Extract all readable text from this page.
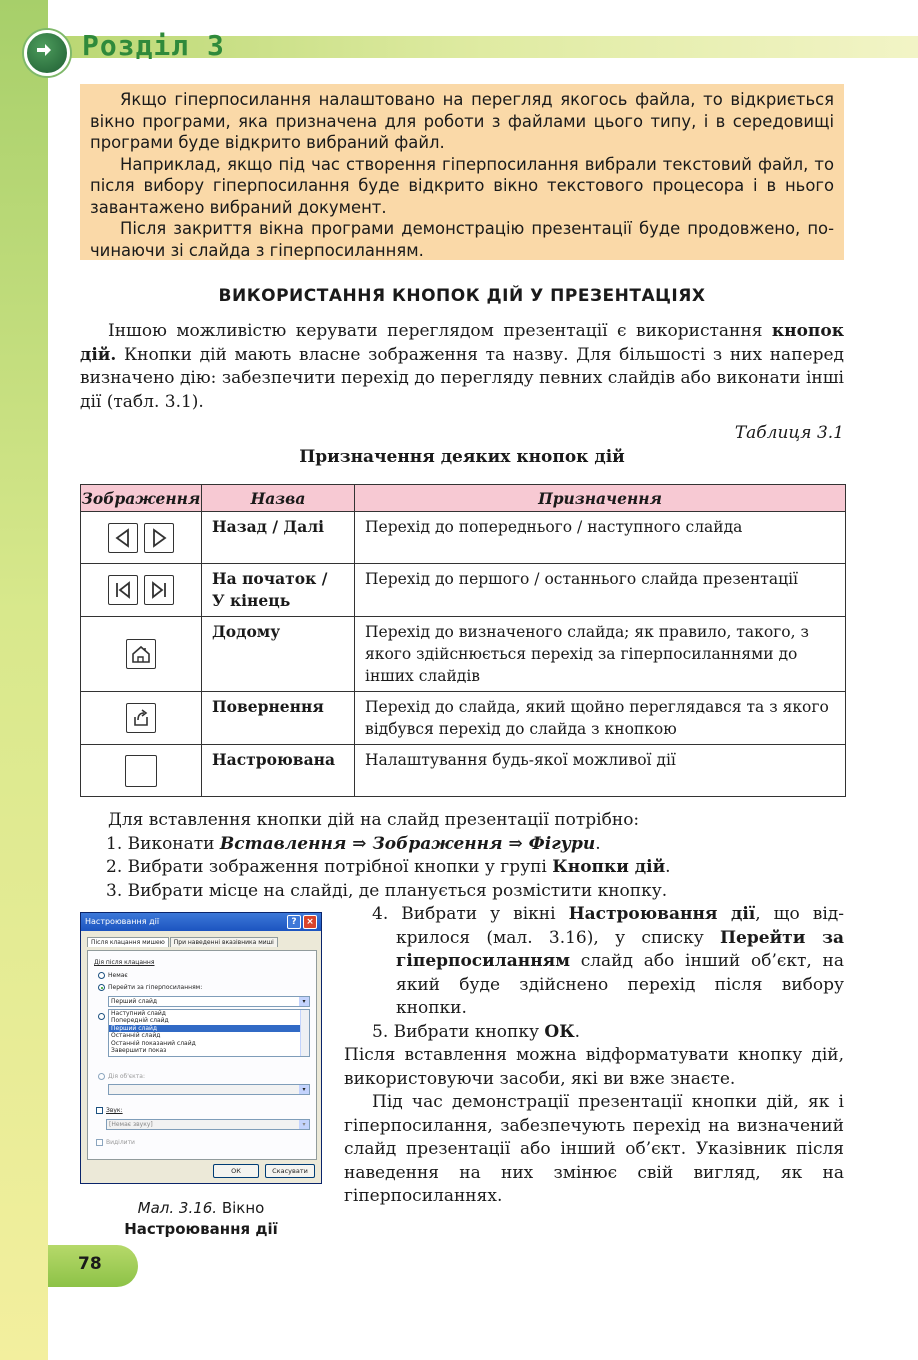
Розділ 3

Якщо гіперпосилання налаштовано на перегляд якогось файла, то відкриється вікно програми, яка призначена для роботи з файлами цього типу, і в середовищі програми буде відкрито вибраний файл.

Наприклад, якщо під час створення гіперпосилання вибрали текстовий файл, то після вибору гіперпосилання буде відкрито вікно текстового процесора і в нього завантажено вибраний документ.

Після закриття вікна програми демонстрацію презентації буде продовжено, починаючи зі слайда з гіперпосиланням.

ВИКОРИСТАННЯ КНОПОК ДІЙ У ПРЕЗЕНТАЦІЯХ
Іншою можливістю керувати переглядом презентації є використання кнопок дій. Кнопки дій мають власне зображення та назву. Для більшості з них наперед визначено дію: забезпечити перехід до перегляду певних слайдів або виконати інші дії (табл. 3.1).
Таблиця 3.1
Призначення деяких кнопок дій
Зображення	Назва	Призначення

	Назад / Далі	Перехід до попереднього / наступного слайда

	На початок / У кінець	Перехід до першого / останнього слайда презентації

	Додому	Перехід до визначеного слайда; як правило, такого, з якого здійснюється перехід за гіперпосиланнями до інших слайдів

	Повернення	Перехід до слайда, який щойно переглядався та з якого відбувся перехід до слайда з кнопкою
	Настроювана	Налаштування будь-якої можливої дії

Для вставлення кнопки дій на слайд презентації потрібно:

1. Виконати Вставлення ⇒ Зображення ⇒ Фігури.

2. Вибрати зображення потрібної кнопки у групі Кнопки дій.

3. Вибрати місце на слайді, де планується розмістити кнопку.

4. Вибрати у вікні Настроювання дії, що відкрилося (мал. 3.16), у списку Перейти за гіперпосиланням слайд або інший об’єкт, на який буде здійснено перехід після вибору кнопки.

5. Вибрати кнопку ОК.

Після вставлення можна відформатувати кнопку дій, використовуючи засоби, які ви вже знаєте.

Під час демонстрації презентації кнопки дій, як і гіперпосилання, забезпечують перехід на визначений слайд презентації або інший об’єкт. Указівник після наведення на них змінює свій вигляд, як на гіперпосиланнях.

Настроювання дії	?	×
Після клацання мишею При наведенні вказівника миші
Дія після клацання
Немає
Перейти за гіперпосиланням:
Перший слайд	▾
Наступний слайд
Попередній слайд
Перший слайд
Останній слайд
Останній показаний слайд
Завершити показ
Дія об'єкта:
▾
Звук:
[Немає звуку]	▾
Виділити
ОК	Скасувати
Мал. 3.16. Вікно
Настроювання дії
78
